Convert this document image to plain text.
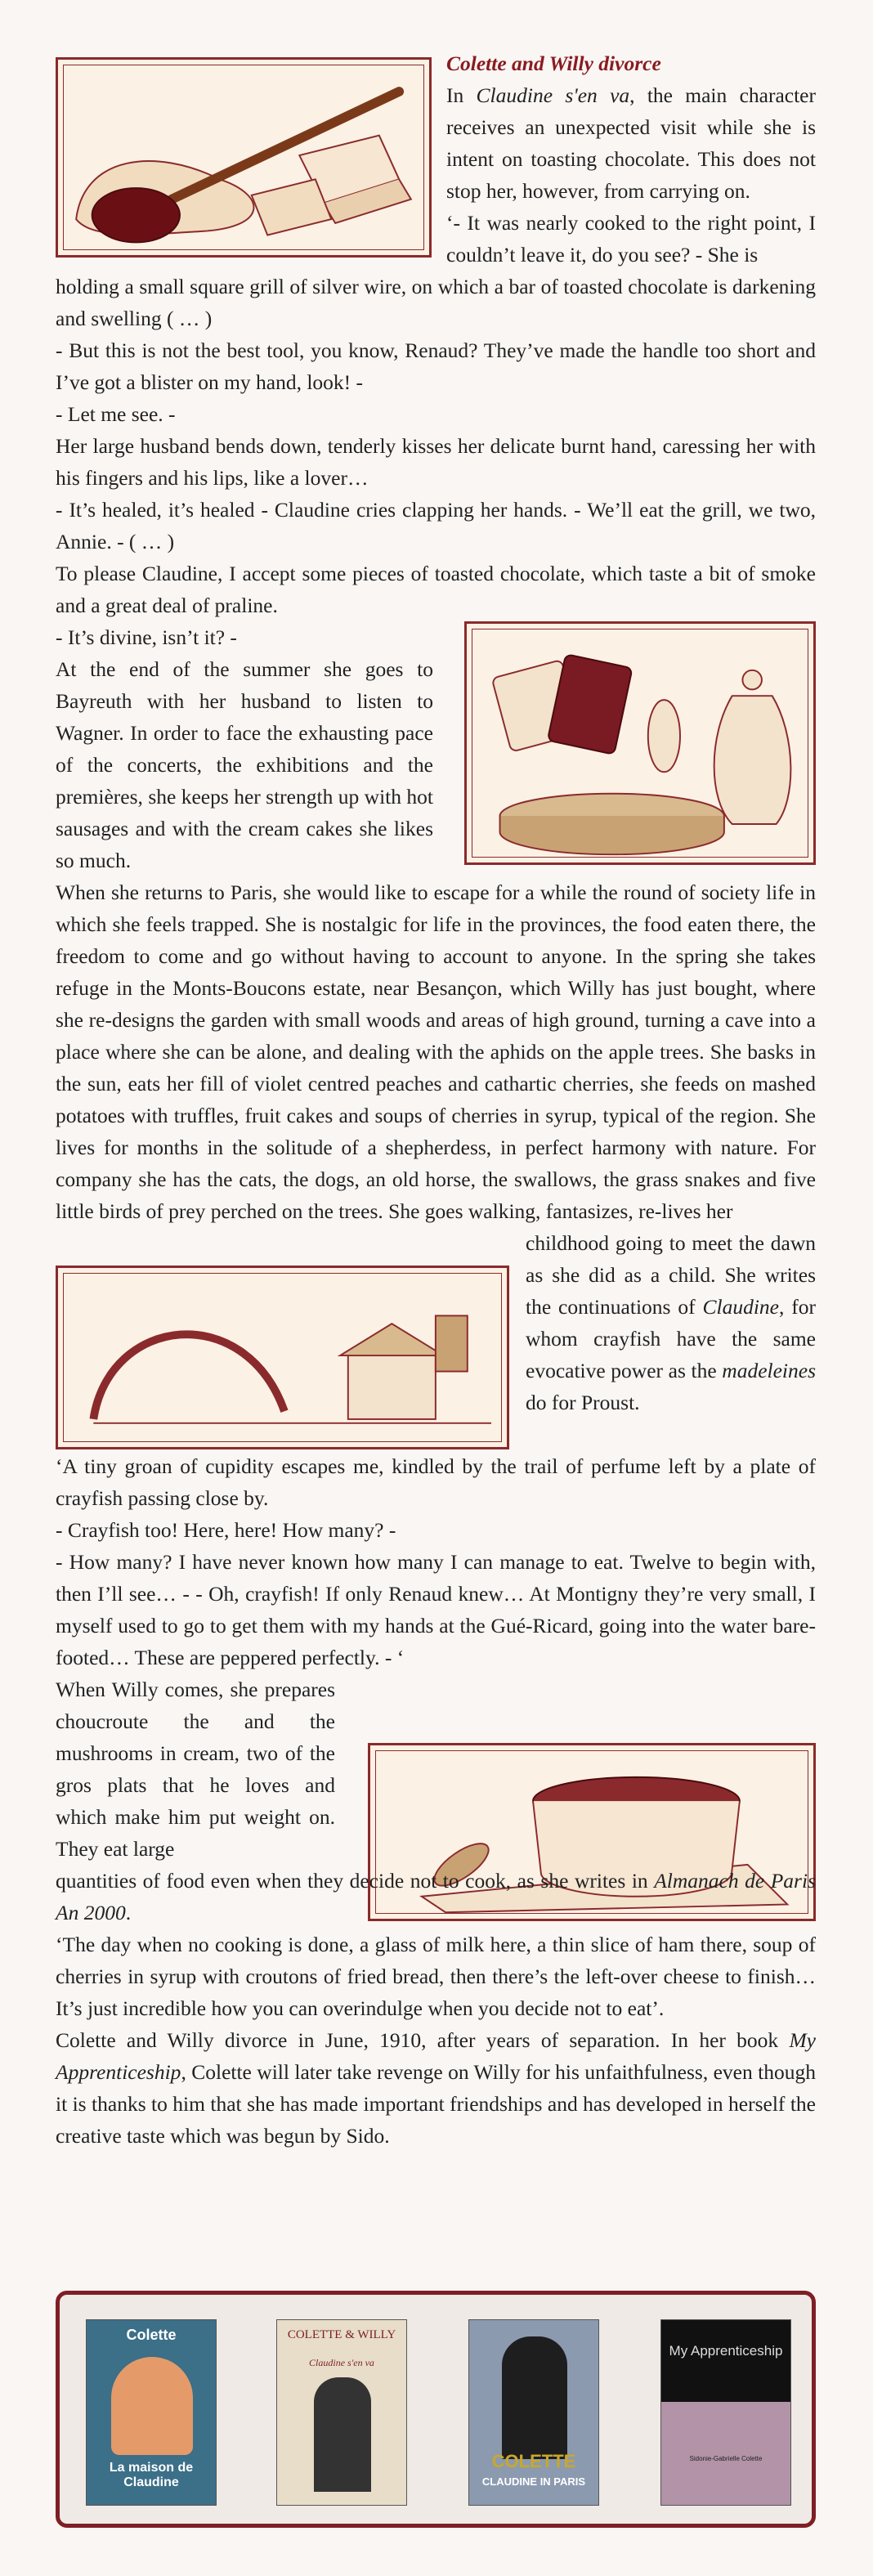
Colette and Willy divorce

In Claudine s'en va, the main character receives an unexpected visit while she is intent on toasting chocolate. This does not stop her, however, from carrying on.

‘- It was nearly cooked to the right point, I couldn’t leave it, do you see? - She is

holding a small square grill of silver wire, on which a bar of toasted chocolate is darkening and swelling ( … )

- But this is not the best tool, you know, Renaud? They’ve made the handle too short and I’ve got a blister on my hand, look! -

- Let me see. -

Her large husband bends down, tenderly kisses her delicate burnt hand, caressing her with his fingers and his lips, like a lover…

- It’s healed, it’s healed - Claudine cries clapping her hands. - We’ll eat the grill, we two, Annie. - ( … )

To please Claudine, I accept some pieces of toasted chocolate, which taste a bit of smoke and a great deal of praline.

- It’s divine, isn’t it? -

At the end of the summer she goes to Bayreuth with her husband to listen to Wagner. In order to face the exhausting pace of the concerts, the exhibitions and the premières, she keeps her strength up with hot sausages and with the cream cakes she likes so much.

When she returns to Paris, she would like to escape for a while the round of society life in which she feels trapped. She is nostalgic for life in the provinces, the food eaten there, the freedom to come and go without having to account to anyone. In the spring she takes refuge in the Monts-Boucons estate, near Besançon, which Willy has just bought, where she re-designs the garden with small woods and areas of high ground, turning a cave into a place where she can be alone, and dealing with the aphids on the apple trees. She basks in the sun, eats her fill of violet centred peaches and cathartic cherries, she feeds on mashed potatoes with truffles, fruit cakes and soups of cherries in syrup, typical of the region. She lives for months in the solitude of a shepherdess, in perfect harmony with nature. For company she has the cats, the dogs, an old horse, the swallows, the grass snakes and five little birds of prey perched on the trees. She goes walking, fantasizes, re-lives her

childhood going to meet the dawn as she did as a child. She writes the continuations of Claudine, for whom crayfish have the same evocative power as the madeleines do for Proust.

‘A tiny groan of cupidity escapes me, kindled by the trail of perfume left by a plate of crayfish passing close by.

- Crayfish too! Here, here! How many? -

- How many? I have never known how many I can manage to eat. Twelve to begin with, then I’ll see… - - Oh, crayfish! If only Renaud knew… At Montigny they’re very small, I myself used to go to get them with my hands at the Gué-Ricard, going into the water bare-footed… These are peppered perfectly. - ‘

When Willy comes, she prepares choucroute the and the mushrooms in cream, two of the gros plats that he loves and which make him put weight on. They eat large

quantities of food even when they decide not to cook, as she writes in Almanach de Paris An 2000.

‘The day when no cooking is done, a glass of milk here, a thin slice of ham there, soup of cherries in syrup with croutons of fried bread, then there’s the left-over cheese to finish… It’s just incredible how you can overindulge when you decide not to eat’.

Colette and Willy divorce in June, 1910, after years of separation. In her book My Apprenticeship, Colette will later take revenge on Willy for his unfaithfulness, even though it is thanks to him that she has made important friendships and has developed in herself the creative taste which was begun by Sido.

Colette
La maison de Claudine
COLETTE & WILLY
Claudine s'en va
COLETTE
CLAUDINE IN PARIS
My Apprenticeship
Sidonie-Gabrielle Colette
